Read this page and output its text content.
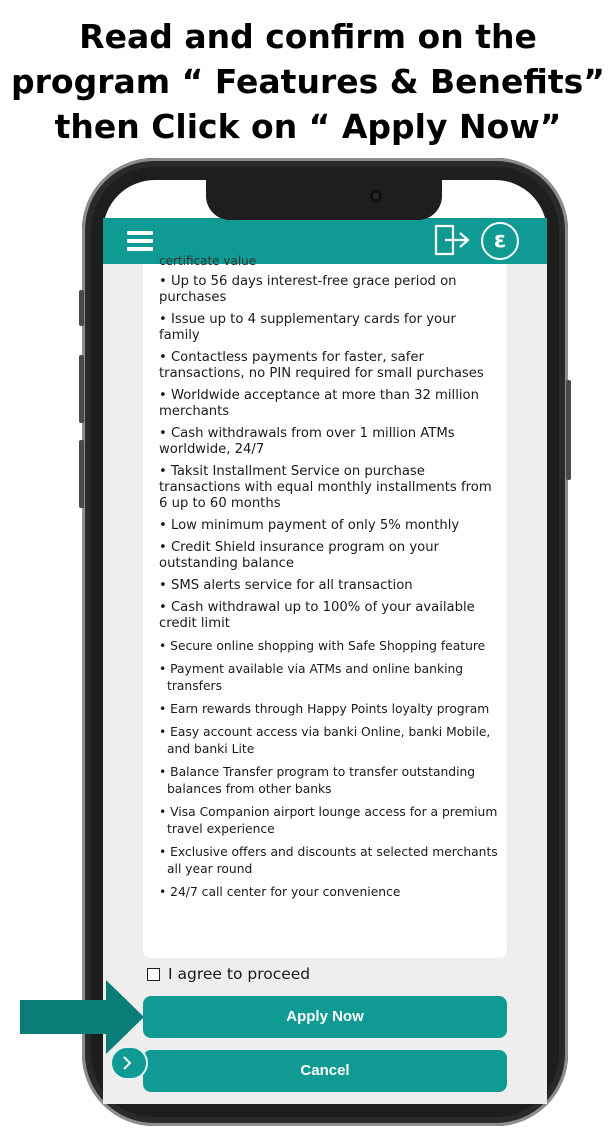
Read and confirm on the
program “ Features & Benefits”
then Click on “ Apply Now”
ε
certificate value

• Up to 56 days interest-free grace period on purchases

• Issue up to 4 supplementary cards for your family

• Contactless payments for faster, safer transactions, no PIN required for small purchases

• Worldwide acceptance at more than 32 million merchants

• Cash withdrawals from over 1 million ATMs worldwide, 24/7

• Taksit Installment Service on purchase transactions with equal monthly installments from 6 up to 60 months

• Low minimum payment of only 5% monthly

• Credit Shield insurance program on your outstanding balance

• SMS alerts service for all transaction

• Cash withdrawal up to 100% of your available credit limit

• Secure online shopping with Safe Shopping feature

• Payment available via ATMs and online banking transfers

• Earn rewards through Happy Points loyalty program

• Easy account access via banki Online, banki Mobile, and banki Lite

• Balance Transfer program to transfer outstanding balances from other banks

• Visa Companion airport lounge access for a premium travel experience

• Exclusive offers and discounts at selected merchants all year round

• 24/7 call center for your convenience

I agree to proceed
Apply Now
Cancel
